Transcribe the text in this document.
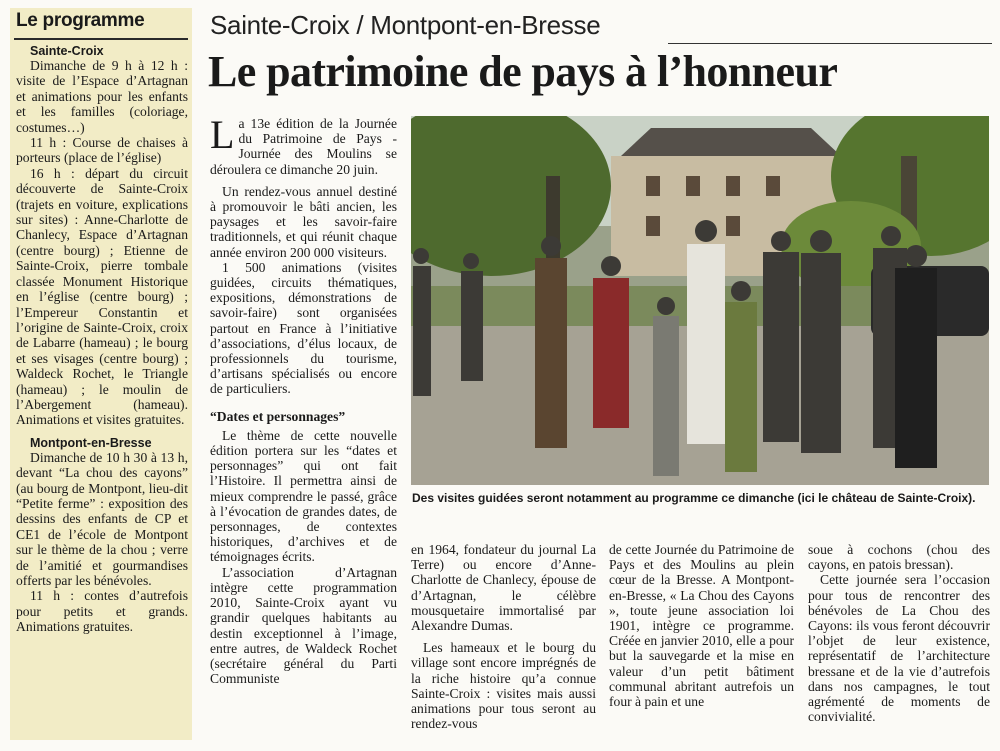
Le programme
Sainte-Croix

Dimanche de 9 h à 12 h : visite de l’Espace d’Artagnan et animations pour les enfants et les familles (coloriage, costumes…)

11 h : Course de chaises à porteurs (place de l’église)

16 h : départ du circuit découverte de Sainte-Croix (trajets en voiture, explications sur sites) : Anne-Charlotte de Chanlecy, Espace d’Artagnan (centre bourg) ; Etienne de Sainte-Croix, pierre tombale classée Monument Historique en l’église (centre bourg) ; l’Empereur Constantin et l’origine de Sainte-Croix, croix de Labarre (hameau) ; le bourg et ses visages (centre bourg) ; Waldeck Rochet, le Triangle (hameau) ; le moulin de l’Abergement (hameau). Animations et visites gratuites.

Montpont-en-Bresse

Dimanche de 10 h 30 à 13 h, devant “La chou des cayons” (au bourg de Montpont, lieu-dit “Petite ferme” : exposition des dessins des enfants de CP et CE1 de l’école de Montpont sur le thème de la chou ; verre de l’amitié et gourmandises offerts par les bénévoles.

11 h : contes d’autrefois pour petits et grands. Animations gratuites.

Sainte-Croix / Montpont-en-Bresse
Le patrimoine de pays à l’honneur

La 13e édition de la Journée du Patrimoine de Pays - Journée des Moulins se déroulera ce dimanche 20 juin.

Un rendez-vous annuel destiné à promouvoir le bâti ancien, les paysages et les savoir-faire traditionnels, et qui réunit chaque année environ 200 000 visiteurs.

1 500 animations (visites guidées, circuits thématiques, expositions, démonstrations de savoir-faire) sont organisées partout en France à l’initiative d’associations, d’élus locaux, de professionnels du tourisme, d’artisans spécialisés ou encore de particuliers.

“Dates et personnages”

Le thème de cette nouvelle édition portera sur les “dates et personnages” qui ont fait l’Histoire. Il permettra ainsi de mieux comprendre le passé, grâce à l’évocation de grandes dates, de personnages, de contextes historiques, d’archives et de témoignages écrits.

L’association d’Artagnan intègre cette programmation 2010, Sainte-Croix ayant vu grandir quelques habitants au destin exceptionnel à l’image, entre autres, de Waldeck Rochet (secrétaire général du Parti Communiste

Des visites guidées seront notamment au programme ce dimanche (ici le château de Sainte-Croix).

en 1964, fondateur du journal La Terre) ou encore d’Anne-Charlotte de Chanlecy, épouse de d’Artagnan, le célèbre mousquetaire immortalisé par Alexandre Dumas.

Les hameaux et le bourg du village sont encore imprégnés de la riche histoire qu’a connue Sainte-Croix : visites mais aussi animations pour tous seront au rendez-vous

de cette Journée du Patrimoine de Pays et des Moulins au plein cœur de la Bresse. A Montpont-en-Bresse, « La Chou des Cayons », toute jeune association loi 1901, intègre ce programme. Créée en janvier 2010, elle a pour but la sauvegarde et la mise en valeur d’un petit bâtiment communal abritant autrefois un four à pain et une

soue à cochons (chou des cayons, en patois bressan).

Cette journée sera l’occasion pour tous de rencontrer des bénévoles de La Chou des Cayons: ils vous feront découvrir l’objet de leur existence, représentatif de l’architecture bressane et de la vie d’autrefois dans nos campagnes, le tout agrémenté de moments de convivialité.
